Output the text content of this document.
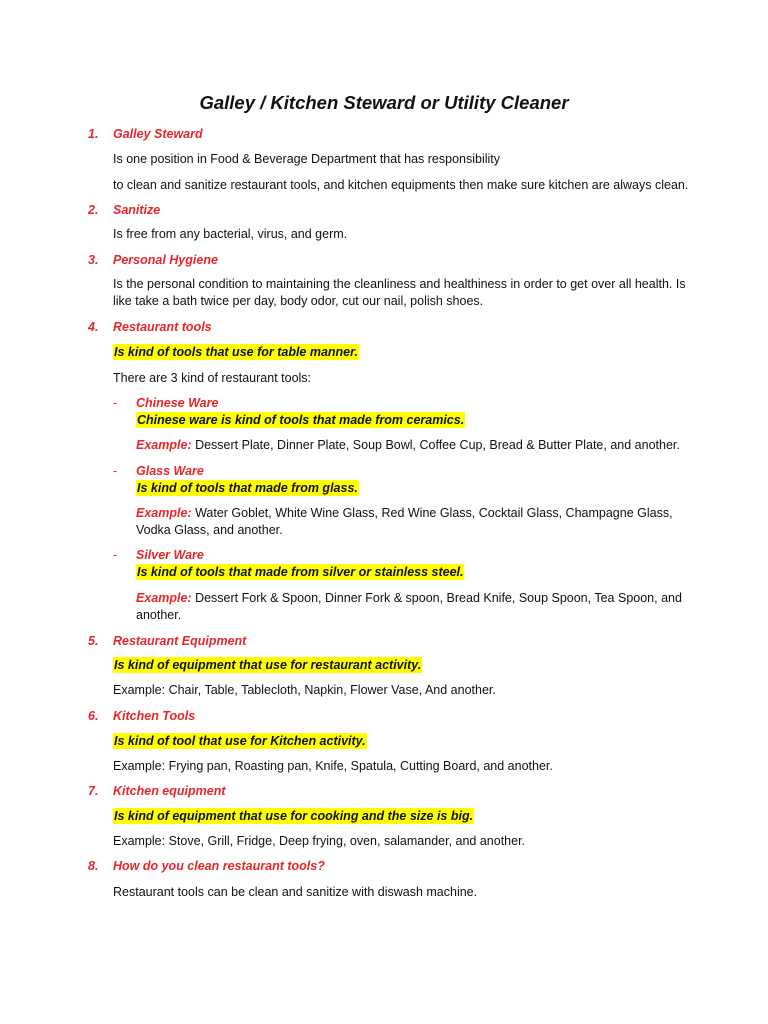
Galley / Kitchen Steward or Utility Cleaner
1.	Galley Steward
Is one position in Food & Beverage Department that has responsibility
to clean and sanitize restaurant tools, and kitchen equipments then make sure kitchen are always clean.
2.	Sanitize
Is free from any bacterial, virus, and germ.
3.	Personal Hygiene
Is the personal condition to maintaining the cleanliness and healthiness in order to get over all health. Is like take a bath twice per day, body odor, cut our nail, polish shoes.
4.	Restaurant tools
Is kind of tools that use for table manner.
There are 3 kind of restaurant tools:
- Chinese Ware
Chinese ware is kind of tools that made from ceramics.
Example: Dessert Plate, Dinner Plate, Soup Bowl, Coffee Cup, Bread & Butter Plate, and another.
- Glass Ware
Is kind of tools that made from glass.
Example: Water Goblet, White Wine Glass, Red Wine Glass, Cocktail Glass, Champagne Glass, Vodka Glass, and another.
- Silver Ware
Is kind of tools that made from silver or stainless steel.
Example: Dessert Fork & Spoon, Dinner Fork & spoon, Bread Knife, Soup Spoon, Tea Spoon, and another.
5.	Restaurant Equipment
Is kind of equipment that use for restaurant activity.
Example: Chair, Table, Tablecloth, Napkin, Flower Vase, And another.
6.	Kitchen Tools
Is kind of tool that use for Kitchen activity.
Example: Frying pan, Roasting pan, Knife, Spatula, Cutting Board, and another.
7.	Kitchen equipment
Is kind of equipment that use for cooking and the size is big.
Example: Stove, Grill, Fridge, Deep frying, oven, salamander, and another.
8.	How do you clean restaurant tools?
Restaurant tools can be clean and sanitize with diswash machine.
